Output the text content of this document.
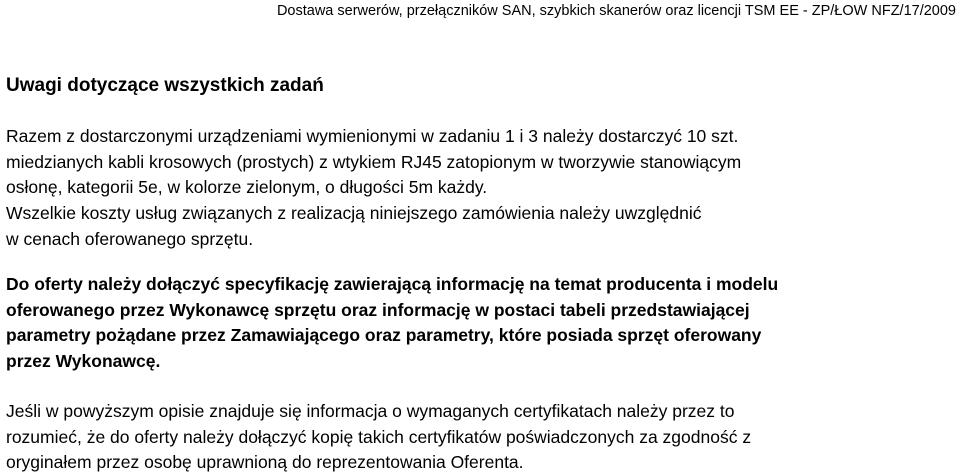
Dostawa serwerów, przełączników SAN, szybkich skanerów oraz licencji TSM EE - ZP/ŁOW NFZ/17/2009
Uwagi dotyczące wszystkich zadań
Razem z dostarczonymi urządzeniami wymienionymi w zadaniu 1 i 3 należy dostarczyć 10 szt.
miedzianych kabli krosowych (prostych) z wtykiem RJ45 zatopionym w tworzywie stanowiącym
osłonę, kategorii 5e, w kolorze zielonym, o długości 5m każdy.
Wszelkie koszty usług związanych z realizacją niniejszego zamówienia należy uwzględnić
w cenach oferowanego sprzętu.
Do oferty należy dołączyć specyfikację zawierającą informację na temat producenta i modelu
oferowanego przez Wykonawcę sprzętu oraz informację w postaci tabeli przedstawiającej
parametry pożądane przez Zamawiającego oraz parametry, które posiada sprzęt oferowany
przez Wykonawcę.
Jeśli w powyższym opisie znajduje się informacja o wymaganych certyfikatach należy przez to
rozumieć, że do oferty należy dołączyć kopię takich certyfikatów poświadczonych za zgodność z
oryginałem przez osobę uprawnioną do reprezentowania Oferenta.
